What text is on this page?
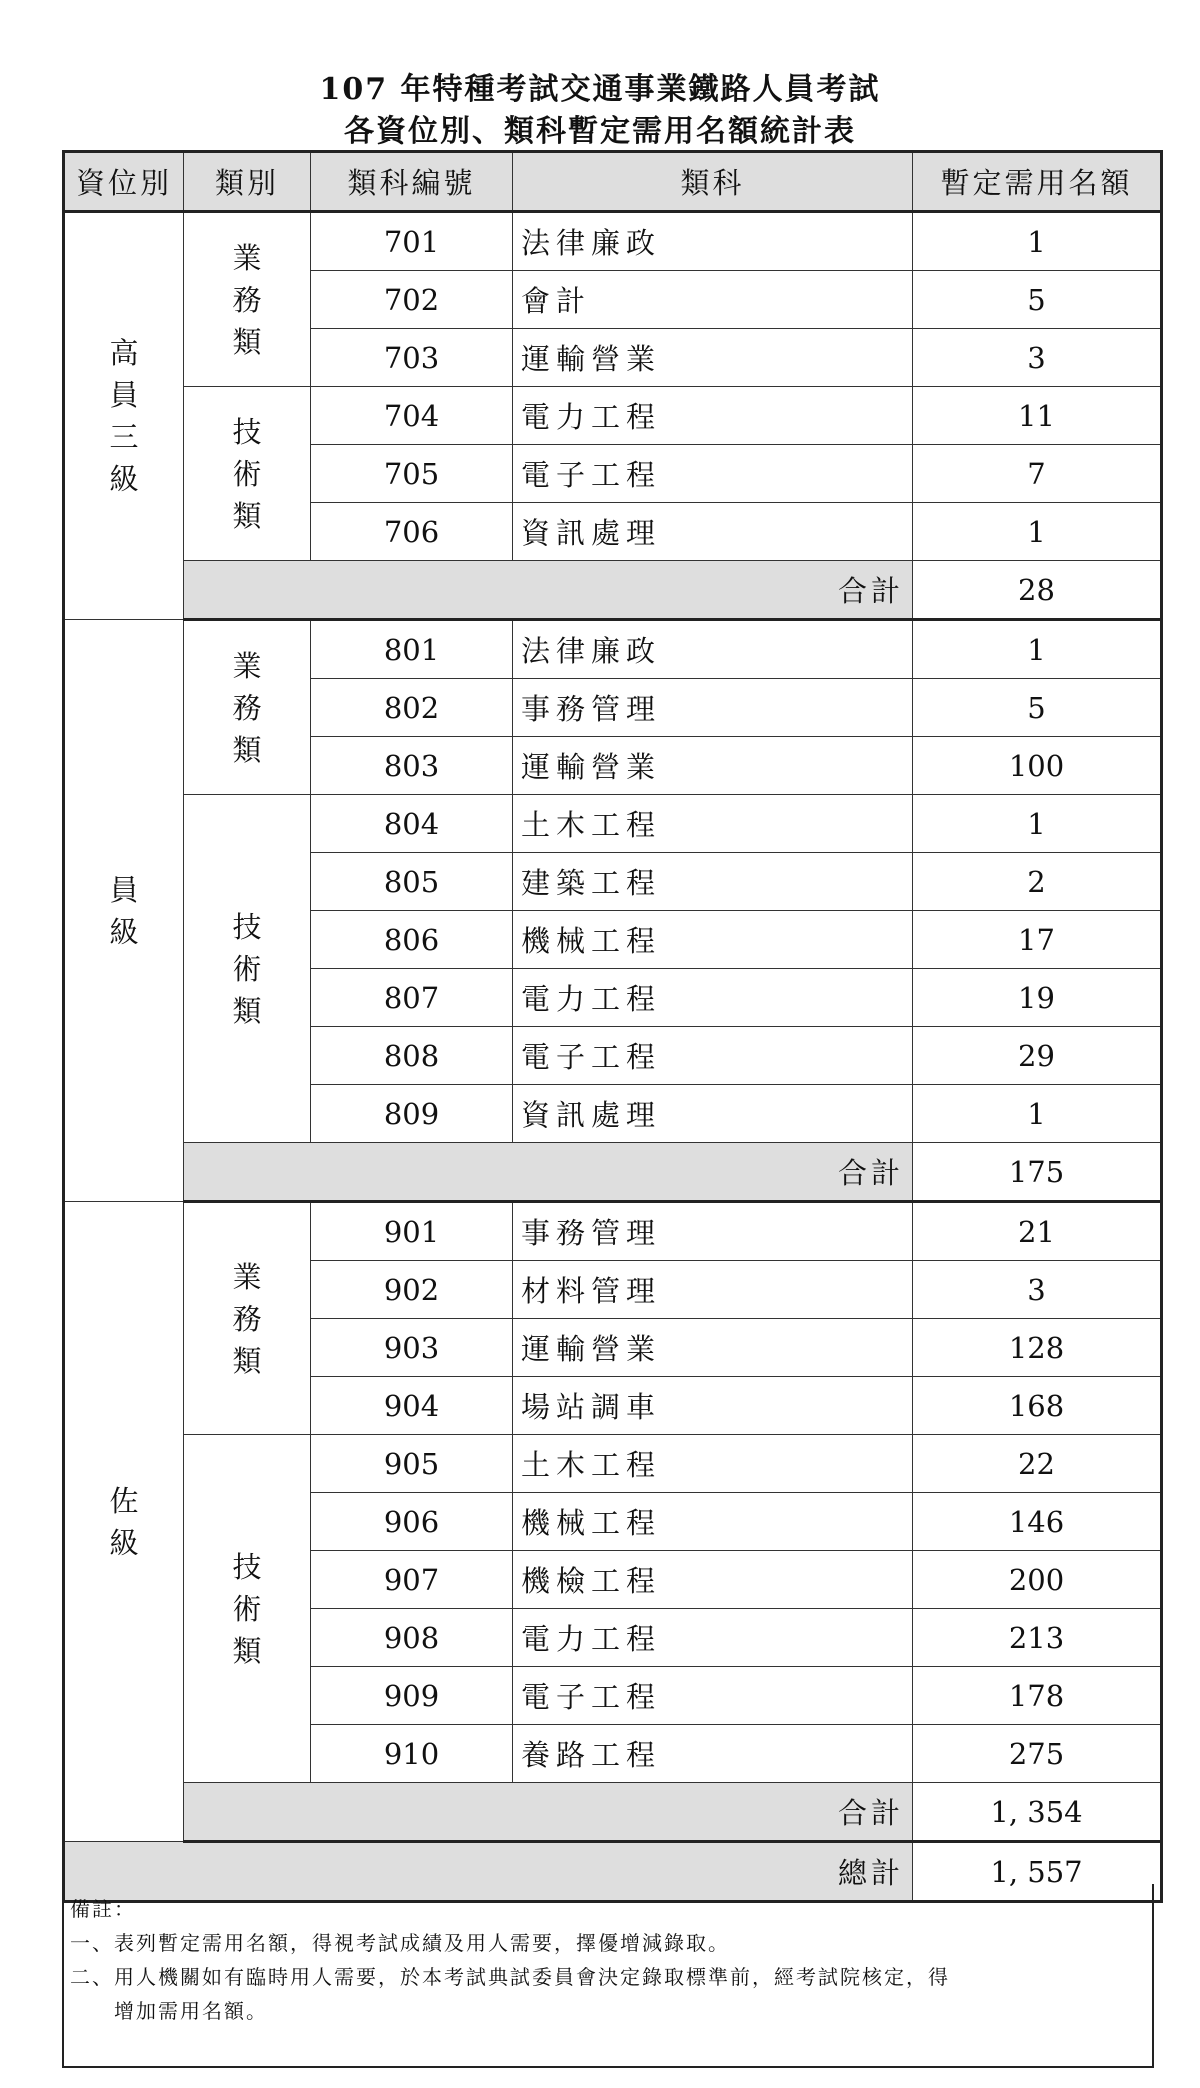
107 年特種考試交通事業鐵路人員考試
各資位別、類科暫定需用名額統計表
資位別	類別	類科編號	類科	暫定需用名額

高
員
三
級	業
務
類	701	法律廉政	1
		702	會計	5
		703	運輸營業	3

	技
術
類	704	電力工程	11
		705	電子工程	7
		706	資訊處理	1
	合計			28

員
級	業
務
類	801	法律廉政	1
		802	事務管理	5
		803	運輸營業	100

	技
術
類	804	土木工程	1
		805	建築工程	2
		806	機械工程	17
		807	電力工程	19
		808	電子工程	29
		809	資訊處理	1
	合計			175

佐
級	業
務
類	901	事務管理	21
		902	材料管理	3
		903	運輸營業	128
		904	場站調車	168

	技
術
類	905	土木工程	22
		906	機械工程	146
		907	機檢工程	200
		908	電力工程	213
		909	電子工程	178
		910	養路工程	275
	合計			1, 354
總計				1, 557
備註：
一、表列暫定需用名額，得視考試成績及用人需要，擇優增減錄取。
二、用人機關如有臨時用人需要，於本考試典試委員會決定錄取標準前，經考試院核定，得
增加需用名額。
